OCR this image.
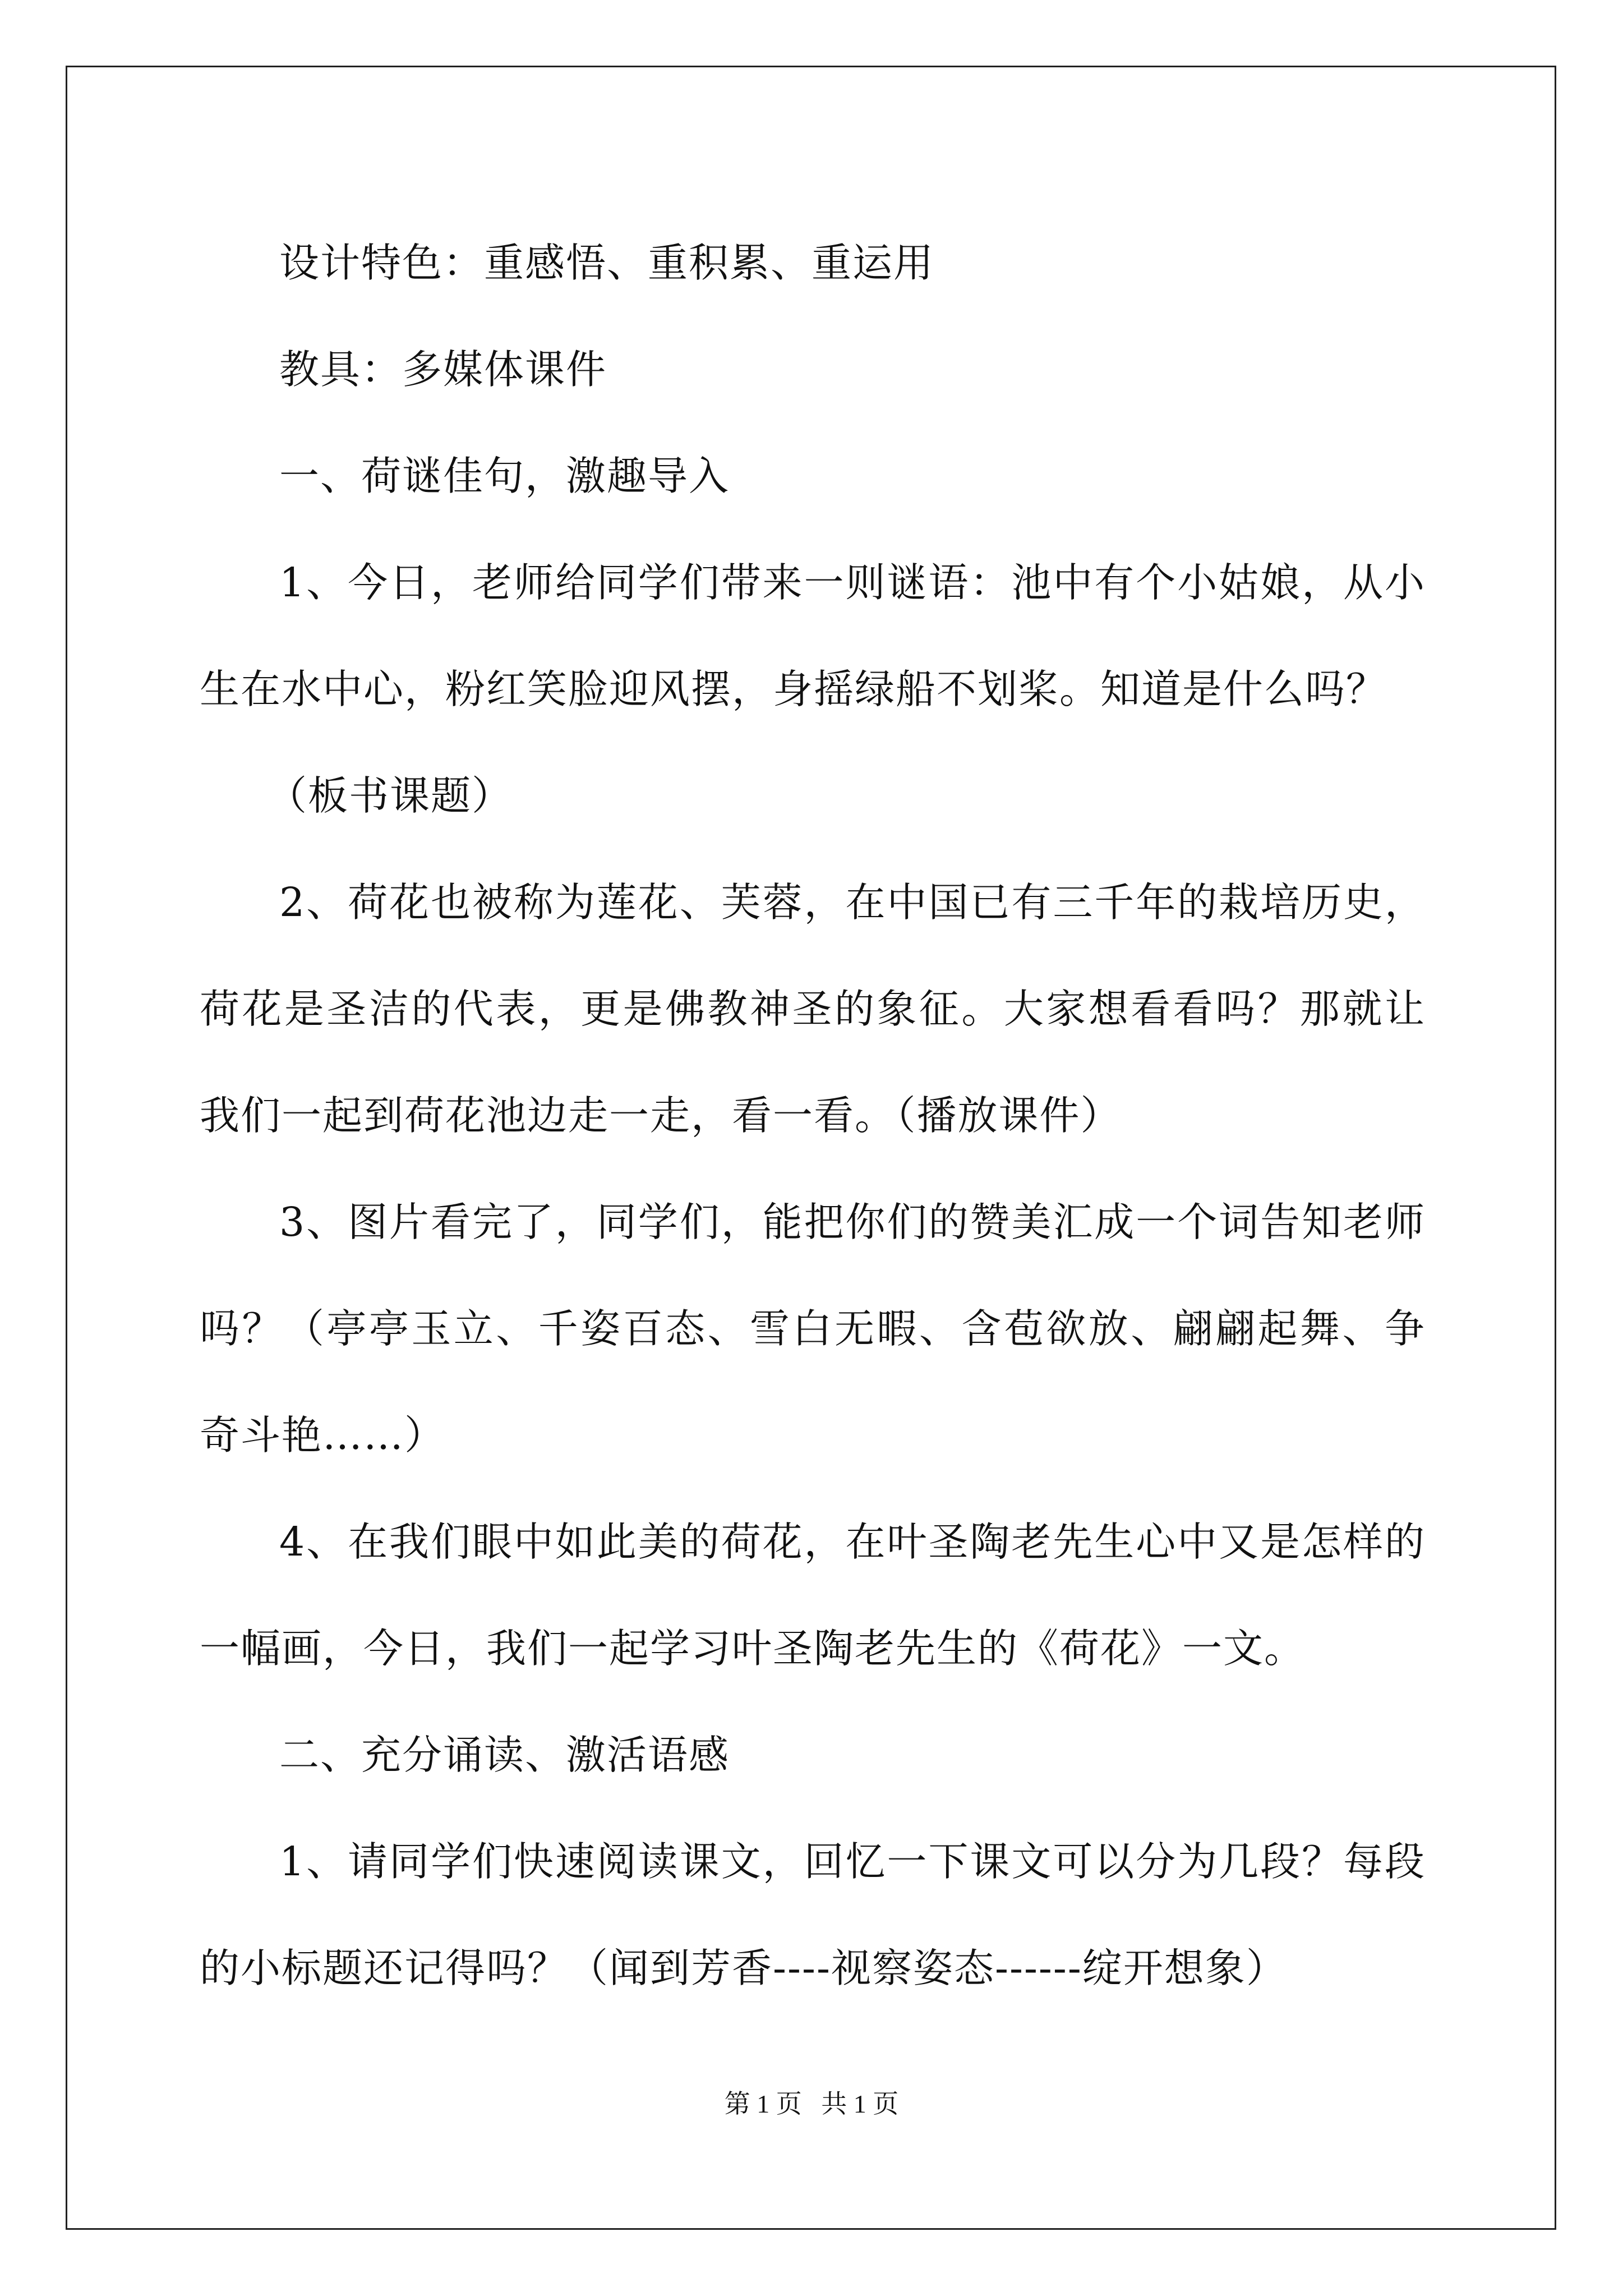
设计特色：重感悟、重积累、重运用

教具：多媒体课件

一、荷谜佳句，激趣导入

1、今日，老师给同学们带来一则谜语：池中有个小姑娘，从小生在水中心，粉红笑脸迎风摆，身摇绿船不划桨。知道是什么吗？

（板书课题）

2、荷花也被称为莲花、芙蓉，在中国已有三千年的栽培历史，荷花是圣洁的代表，更是佛教神圣的象征。大家想看看吗？那就让我们一起到荷花池边走一走，看一看。（播放课件）

3、图片看完了，同学们，能把你们的赞美汇成一个词告知老师吗？（亭亭玉立、千姿百态、雪白无暇、含苞欲放、翩翩起舞、争奇斗艳……）

4、在我们眼中如此美的荷花，在叶圣陶老先生心中又是怎样的一幅画，今日，我们一起学习叶圣陶老先生的《荷花》一文。

二、充分诵读、激活语感

1、请同学们快速阅读课文，回忆一下课文可以分为几段？每段的小标题还记得吗？（闻到芳香----视察姿态------绽开想象）

第 1 页   共 1 页
